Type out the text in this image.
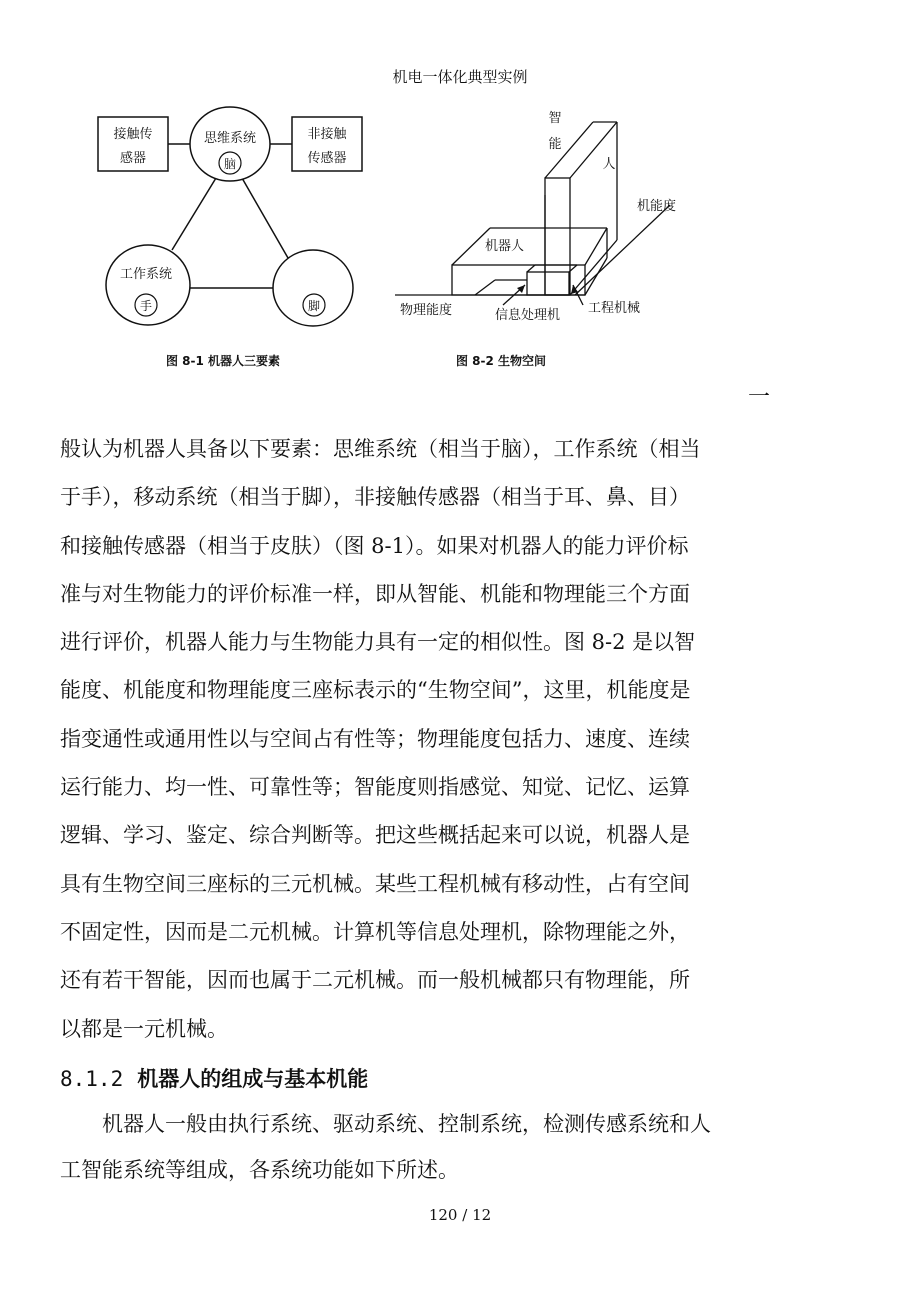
机电一体化典型实例
接触传
感器
非接触
传感器
思维系统
脑
工作系统
手	脚
图 8-1 机器人三要素
智
能
人
机能度
机器人
物理能度	信息处理机 工程机械
图 8-2 生物空间
一

般认为机器人具备以下要素：思维系统（相当于脑），工作系统（相当

于手），移动系统（相当于脚），非接触传感器（相当于耳、鼻、目）

和接触传感器（相当于皮肤）（图 8-1）。如果对机器人的能力评价标

准与对生物能力的评价标准一样，即从智能、机能和物理能三个方面

进行评价，机器人能力与生物能力具有一定的相似性。图 8-2 是以智

能度、机能度和物理能度三座标表示的“生物空间”，这里，机能度是

指变通性或通用性以与空间占有性等；物理能度包括力、速度、连续

运行能力、均一性、可靠性等；智能度则指感觉、知觉、记忆、运算

逻辑、学习、鉴定、综合判断等。把这些概括起来可以说，机器人是

具有生物空间三座标的三元机械。某些工程机械有移动性，占有空间

不固定性，因而是二元机械。计算机等信息处理机，除物理能之外，

还有若干智能，因而也属于二元机械。而一般机械都只有物理能，所

以都是一元机械。

8.1.2 机器人的组成与基本机能

机器人一般由执行系统、驱动系统、控制系统，检测传感系统和人

工智能系统等组成，各系统功能如下所述。

120 / 12
